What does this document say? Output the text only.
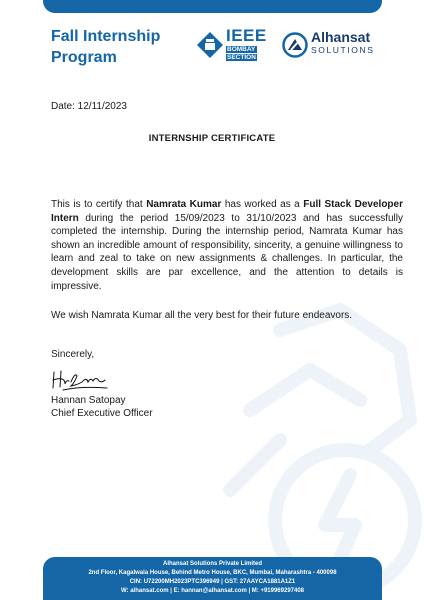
Fall Internship
Program
IEEE
BOMBAY
SECTION
Alhansat
SOLUTIONS
Date: 12/11/2023
INTERNSHIP CERTIFICATE
This is to certify that Namrata Kumar has worked as a Full Stack Developer Intern during the period 15/09/2023 to 31/10/2023 and has successfully completed the internship. During the internship period, Namrata Kumar has shown an incredible amount of responsibility, sincerity, a genuine willingness to learn and zeal to take on new assignments & challenges. In particular, the development skills are par excellence, and the attention to details is impressive.
We wish Namrata Kumar all the very best for their future endeavors.
Sincerely,
Hannan Satopay
Chief Executive Officer
Alhansat Solutions Private Limited
2nd Floor, Kagalwala House, Behind Metro House, BKC, Mumbai, Maharashtra - 400098
CIN: U72200MH2023PTC396949 | GST: 27AAYCA1881A1Z1
W: alhansat.com | E: hannan@alhansat.com | M: +919969297408
